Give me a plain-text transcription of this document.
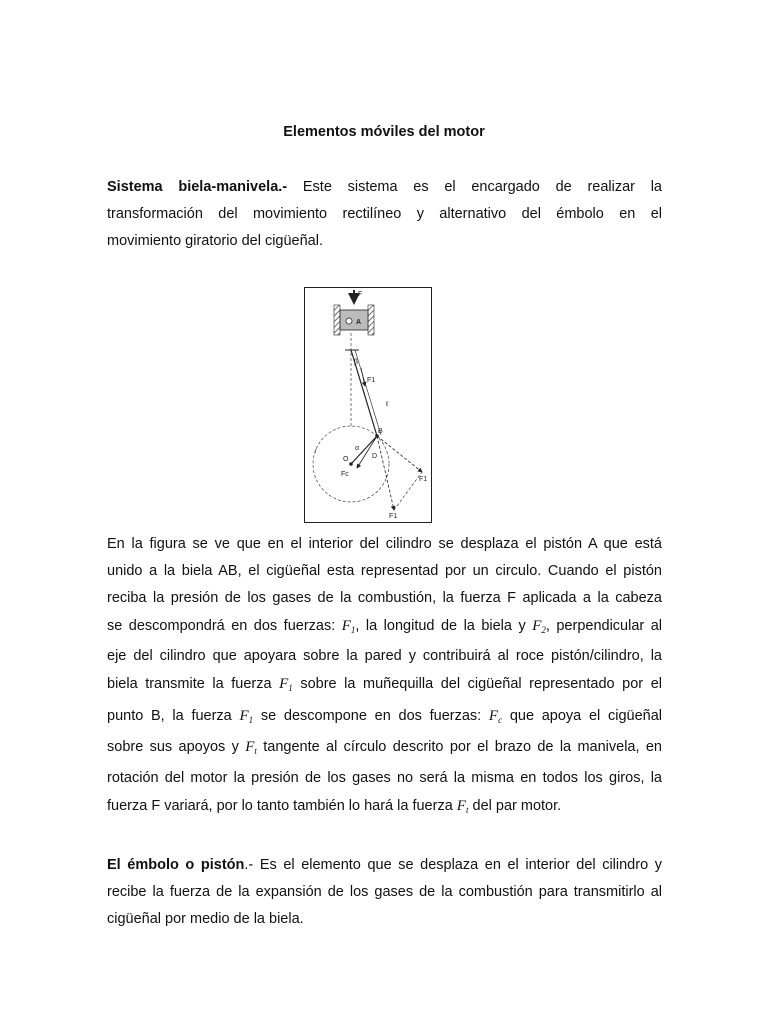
Elementos móviles del motor
Sistema biela-manivela.- Este sistema es el encargado de realizar la
transformación del movimiento rectilíneo y alternativo del émbolo en el
movimiento giratorio del cigüeñal.
F
A
β
F1
ℓ
↑
B
O
α
D
F1
F1
Fc
En la figura se ve que en el interior del cilindro se desplaza el pistón A que está
unido a la biela AB, el cigüeñal esta representad por un circulo. Cuando el pistón
reciba la presión de los gases de la combustión, la fuerza F aplicada a la cabeza
se descompondrá en dos fuerzas: $F_1$, la longitud de la biela y $F_2$, perpendicular al
eje del cilindro que apoyara sobre la pared y contribuirá al roce pistón/cilindro, la
biela transmite la fuerza $F_1$ sobre la muñequilla del cigüeñal representado por el
punto B, la fuerza $F_1$ se descompone en dos fuerzas: $F_c$ que apoya el cigüeñal
sobre sus apoyos y $F_t$ tangente al círculo descrito por el brazo de la manivela, en
rotación del motor la presión de los gases no será la misma en todos los giros, la
fuerza F variará, por lo tanto también lo hará la fuerza $F_t$ del par motor.
El émbolo o pistón.- Es el elemento que se desplaza en el interior del cilindro y
recibe la fuerza de la expansión de los gases de la combustión para transmitirlo al
cigüeñal por medio de la biela.
